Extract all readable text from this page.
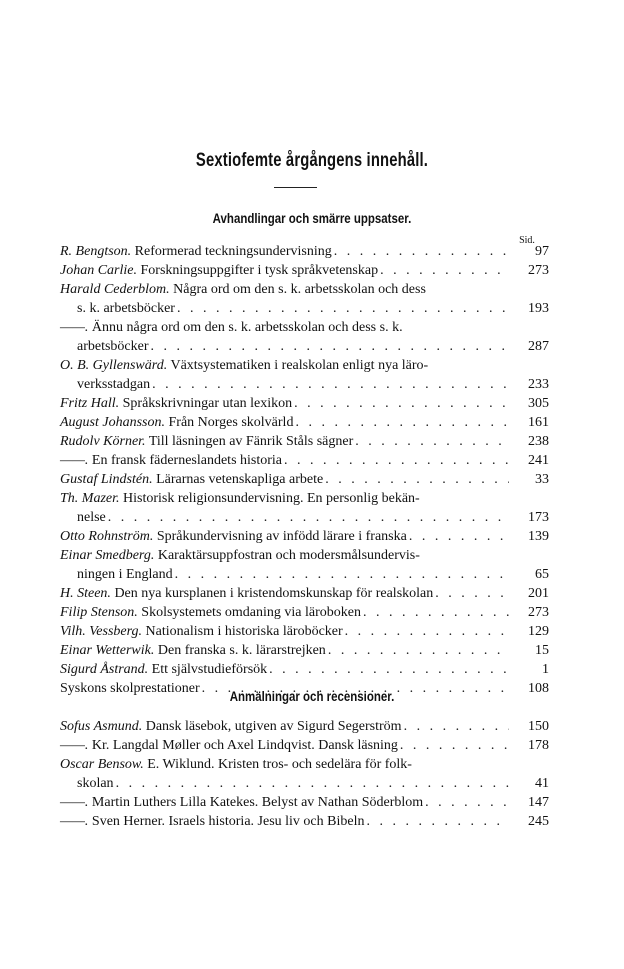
Sextiofemte årgångens innehåll.
Avhandlingar och smärre uppsatser.
Sid.
R. Bengtson. Reformerad teckningsundervisning . . .	97
Johan Carlie. Forskningsuppgifter i tysk språkvetenskap . . .	273
Harald Cederblom. Några ord om den s. k. arbetsskolan och dess
s. k. arbetsböcker . . .	193
——. Ännu några ord om den s. k. arbetsskolan och dess s. k.
arbetsböcker . . .	287
O. B. Gyllenswärd. Växtsystematiken i realskolan enligt nya läro-
verksstadgan . . .	233
Fritz Hall. Språkskrivningar utan lexikon . . .	305
August Johansson. Från Norges skolvärld . . .	161
Rudolv Körner. Till läsningen av Fänrik Ståls sägner . . .	238
——. En fransk fäderneslandets historia . . .	241
Gustaf Lindstén. Lärarnas vetenskapliga arbete . . .	33
Th. Mazer. Historisk religionsundervisning. En personlig bekän-
nelse . . .	173
Otto Rohnström. Språkundervisning av infödd lärare i franska . . .	139
Einar Smedberg. Karaktärsuppfostran och modersmålsundervis-
ningen i England . . .	65
H. Steen. Den nya kursplanen i kristendomskunskap för realskolan . . .	201
Filip Stenson. Skolsystemets omdaning via läroboken . . .	273
Vilh. Vessberg. Nationalism i historiska läroböcker . . .	129
Einar Wetterwik. Den franska s. k. lärarstrejken . . .	15
Sigurd Åstrand. Ett självstudieförsök . . .	1
Syskons skolprestationer . . .	108
Anmälningar och recensioner.
Sofus Asmund. Dansk läsebok, utgiven av Sigurd Segerström . . .	150
——. Kr. Langdal Møller och Axel Lindqvist. Dansk läsning . . .	178
Oscar Bensow. E. Wiklund. Kristen tros- och sedelära för folk-
skolan . . .	41
——. Martin Luthers Lilla Katekes. Belyst av Nathan Söderblom . . .	147
——. Sven Herner. Israels historia. Jesu liv och Bibeln . . .	245
